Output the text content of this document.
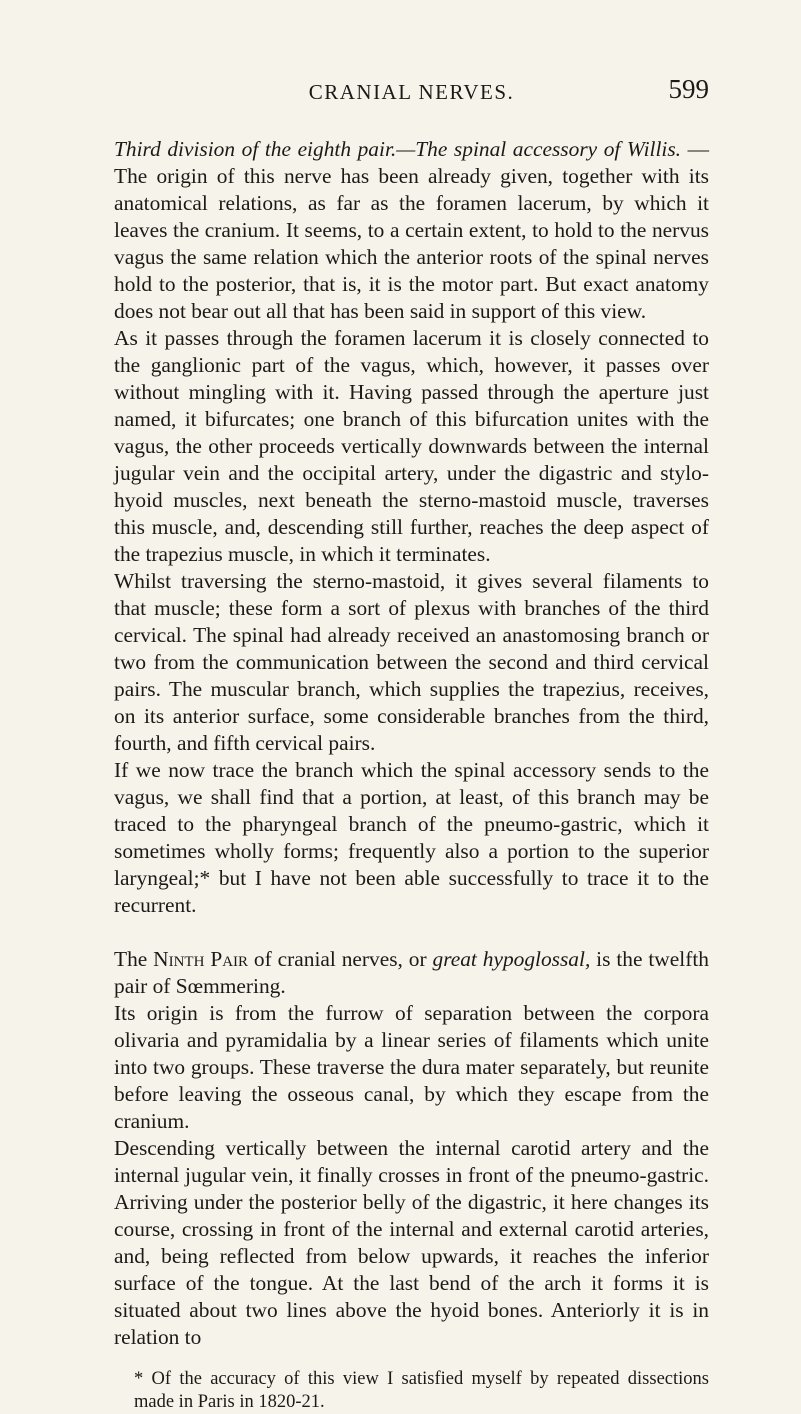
CRANIAL NERVES.	599

Third division of the eighth pair.—The spinal accessory of Willis. —The origin of this nerve has been already given, together with its anatomical relations, as far as the foramen lacerum, by which it leaves the cranium. It seems, to a certain extent, to hold to the nervus vagus the same relation which the anterior roots of the spinal nerves hold to the posterior, that is, it is the motor part. But exact anatomy does not bear out all that has been said in support of this view.

As it passes through the foramen lacerum it is closely connected to the ganglionic part of the vagus, which, however, it passes over without mingling with it. Having passed through the aperture just named, it bifurcates; one branch of this bifurcation unites with the vagus, the other proceeds vertically downwards between the internal jugular vein and the occipital artery, under the digastric and stylo-hyoid muscles, next beneath the sterno-mastoid muscle, traverses this muscle, and, descending still further, reaches the deep aspect of the trapezius muscle, in which it terminates.

Whilst traversing the sterno-mastoid, it gives several filaments to that muscle; these form a sort of plexus with branches of the third cervical. The spinal had already received an anastomosing branch or two from the communication between the second and third cervical pairs. The muscular branch, which supplies the trapezius, receives, on its anterior surface, some considerable branches from the third, fourth, and fifth cervical pairs.

If we now trace the branch which the spinal accessory sends to the vagus, we shall find that a portion, at least, of this branch may be traced to the pharyngeal branch of the pneumo-gastric, which it sometimes wholly forms; frequently also a portion to the superior laryngeal;* but I have not been able successfully to trace it to the recurrent.

The Ninth Pair of cranial nerves, or great hypoglossal, is the twelfth pair of Sœmmering.

Its origin is from the furrow of separation between the corpora olivaria and pyramidalia by a linear series of filaments which unite into two groups. These traverse the dura mater separately, but reunite before leaving the osseous canal, by which they escape from the cranium.

Descending vertically between the internal carotid artery and the internal jugular vein, it finally crosses in front of the pneumo-gastric. Arriving under the posterior belly of the digastric, it here changes its course, crossing in front of the internal and external carotid arteries, and, being reflected from below upwards, it reaches the inferior surface of the tongue. At the last bend of the arch it forms it is situated about two lines above the hyoid bones. Anteriorly it is in relation to

* Of the accuracy of this view I satisfied myself by repeated dissections made in Paris in 1820-21.
